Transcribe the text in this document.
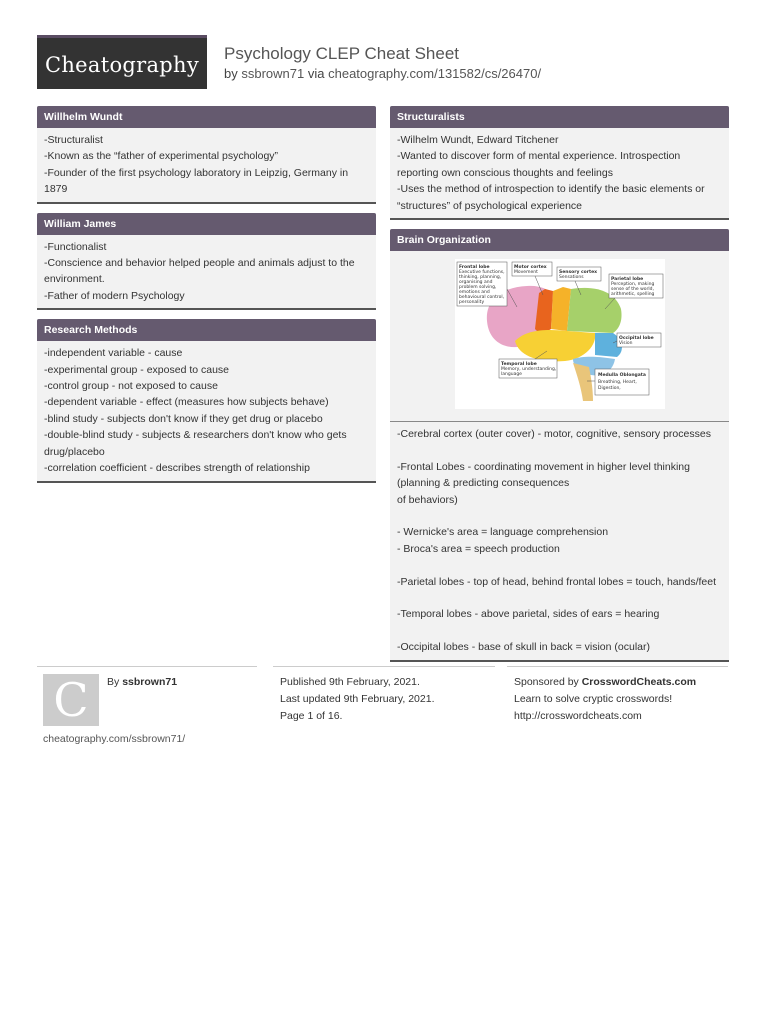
Cheatography	Psychology CLEP Cheat Sheet
by ssbrown71 via cheatography.com/131582/cs/26470/
Willhelm Wundt
-Structuralist
-Known as the “father of experimental psychology”
-Founder of the first psychology laboratory in Leipzig, Germany in
1879
William James
-Functionalist
-Conscience and behavior helped people and animals adjust to the
environment.
-Father of modern Psychology
Research Methods
-independent variable - cause
-experimental group - exposed to cause
-control group - not exposed to cause
-dependent variable - effect (measures how subjects behave)
-blind study - subjects don't know if they get drug or placebo
-double-blind study - subjects & researchers don't know who gets
drug/placebo
-correlation coefficient - describes strength of relationship
Structuralists
-Wilhelm Wundt, Edward Titchener
-Wanted to discover form of mental experience. Introspection
reporting own conscious thoughts and feelings
-Uses the method of introspection to identify the basic elements or
“structures” of psychological experience
Brain Organization
Frontal lobe
Executive functions,
thinking, planning,
organising and
problem solving,
emotions and
behavioural control,
personality
Motor cortex
Movement	Sensory cortex
Sensations	Parietal lobe
Perception, making
sense of the world,
arithmetic, spelling
Occipital lobe
Vision
Temporal lobe
Memory, understanding,
language	Medulla Oblongata
Breathing, Heart,
Digestion,
-Cerebral cortex (outer cover) - motor, cognitive, sensory processes
-Frontal Lobes - coordinating movement in higher level thinking
(planning & predicting consequences
of behaviors)
- Wernicke's area = language comprehension
- Broca's area = speech production
-Parietal lobes - top of head, behind frontal lobes = touch, hands/feet
-Temporal lobes - above parietal, sides of ears = hearing
-Occipital lobes - base of skull in back = vision (ocular)
C	By ssbrown71	Published 9th February, 2021.
Last updated 9th February, 2021.
Page 1 of 16.
Sponsored by CrosswordCheats.com
Learn to solve cryptic crosswords!
http://crosswordcheats.com
cheatography.com/ssbrown71/
